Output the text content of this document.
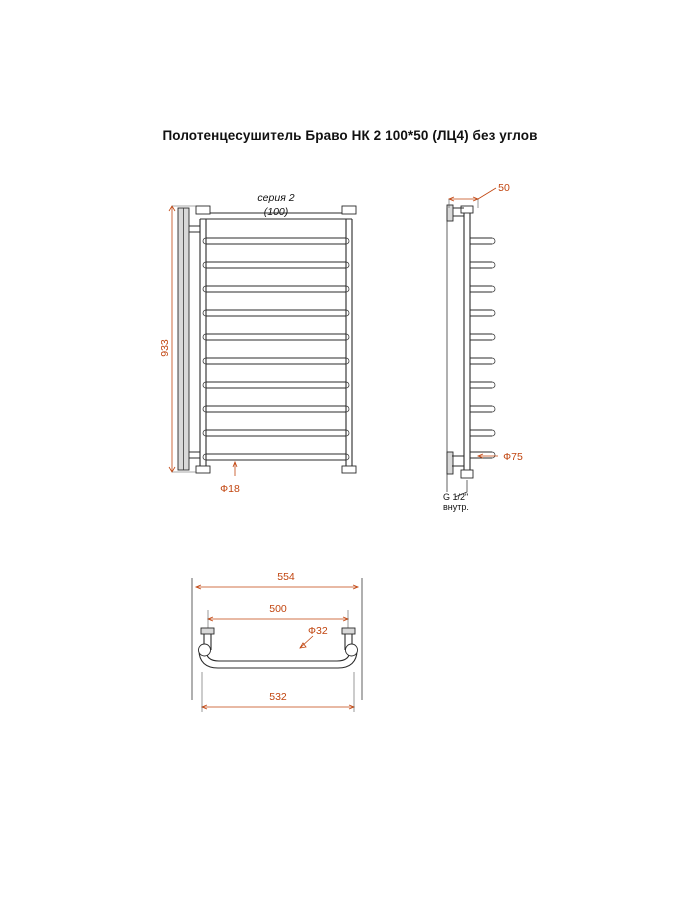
Полотенцесушитель Браво НК 2 100*50 (ЛЦ4) без углов
933
серия 2
(100)
Ф18
50
Ф75
G 1/2"
внутр.
554
500
Ф32
532
